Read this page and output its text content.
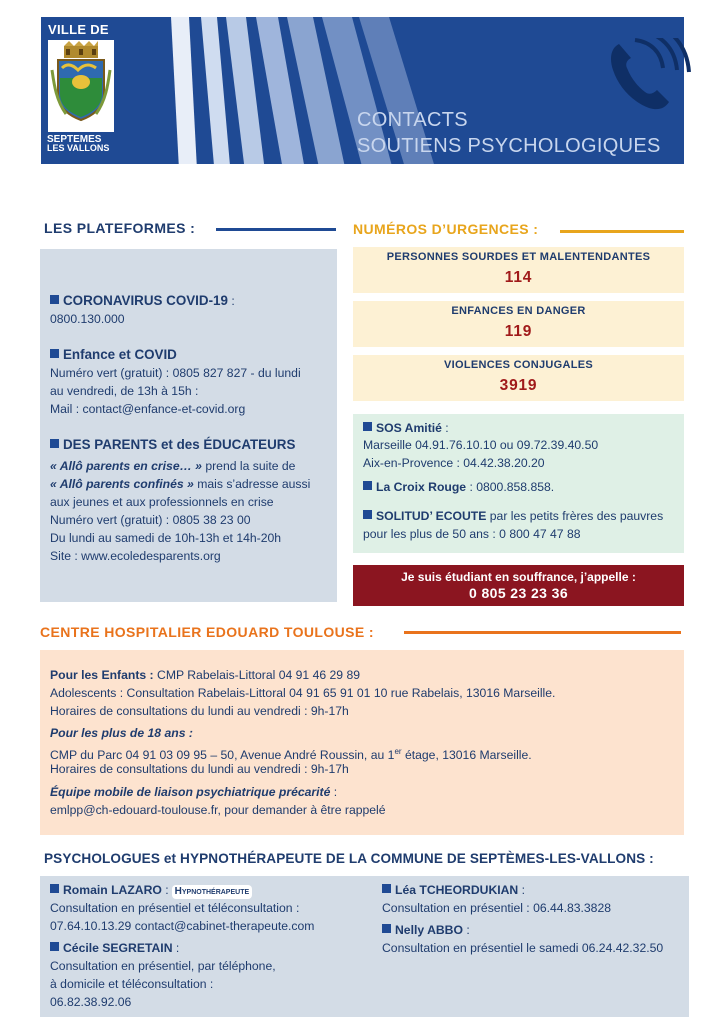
VILLE DE
SEPTEMES
LES VALLONS
CONTACTS
SOUTIENS PSYCHOLOGIQUES
LES PLATEFORMES :
CORONAVIRUS COVID-19 :
0800.130.000
Enfance et COVID
Numéro vert (gratuit) : 0805 827 827 - du lundi
au vendredi, de 13h à 15h :
Mail : contact@enfance-et-covid.org
DES PARENTS et des ÉDUCATEURS
« Allô parents en crise… » prend la suite de
« Allô parents confinés » mais s’adresse aussi
aux jeunes et aux professionnels en crise
Numéro vert (gratuit) : 0805 38 23 00
Du lundi au samedi de 10h-13h et 14h-20h
Site : www.ecoledesparents.org
NUMÉROS D’URGENCES :
PERSONNES SOURDES ET MALENTENDANTES
114
ENFANCES EN DANGER
119
VIOLENCES CONJUGALES
3919
SOS Amitié :
Marseille 04.91.76.10.10 ou 09.72.39.40.50
Aix-en-Provence : 04.42.38.20.20
La Croix Rouge : 0800.858.858.
SOLITUD’ ECOUTE par les petits frères des pauvres
pour les plus de 50 ans : 0 800 47 47 88
Je suis étudiant en souffrance, j’appelle :
0 805 23 23 36
CENTRE HOSPITALIER EDOUARD TOULOUSE :
Pour les Enfants : CMP Rabelais-Littoral 04 91 46 29 89
Adolescents : Consultation Rabelais-Littoral 04 91 65 91 01 10 rue Rabelais, 13016 Marseille.
Horaires de consultations du lundi au vendredi : 9h-17h
Pour les plus de 18 ans :
CMP du Parc 04 91 03 09 95 – 50, Avenue André Roussin, au 1er étage, 13016 Marseille.
Horaires de consultations du lundi au vendredi : 9h-17h
Équipe mobile de liaison psychiatrique précarité :
emlpp@ch-edouard-toulouse.fr, pour demander à être rappelé
PSYCHOLOGUES et HYPNOTHÉRAPEUTE DE LA COMMUNE DE SEPTÈMES-LES-VALLONS :
Romain LAZARO : Hypnothérapeute
Consultation en présentiel et téléconsultation :
07.64.10.13.29 contact@cabinet-therapeute.com
Cécile SEGRETAIN :
Consultation en présentiel, par téléphone,
à domicile et téléconsultation :
06.82.38.92.06
Léa TCHEORDUKIAN :
Consultation en présentiel : 06.44.83.3828
Nelly ABBO :
Consultation en présentiel le samedi 06.24.42.32.50
